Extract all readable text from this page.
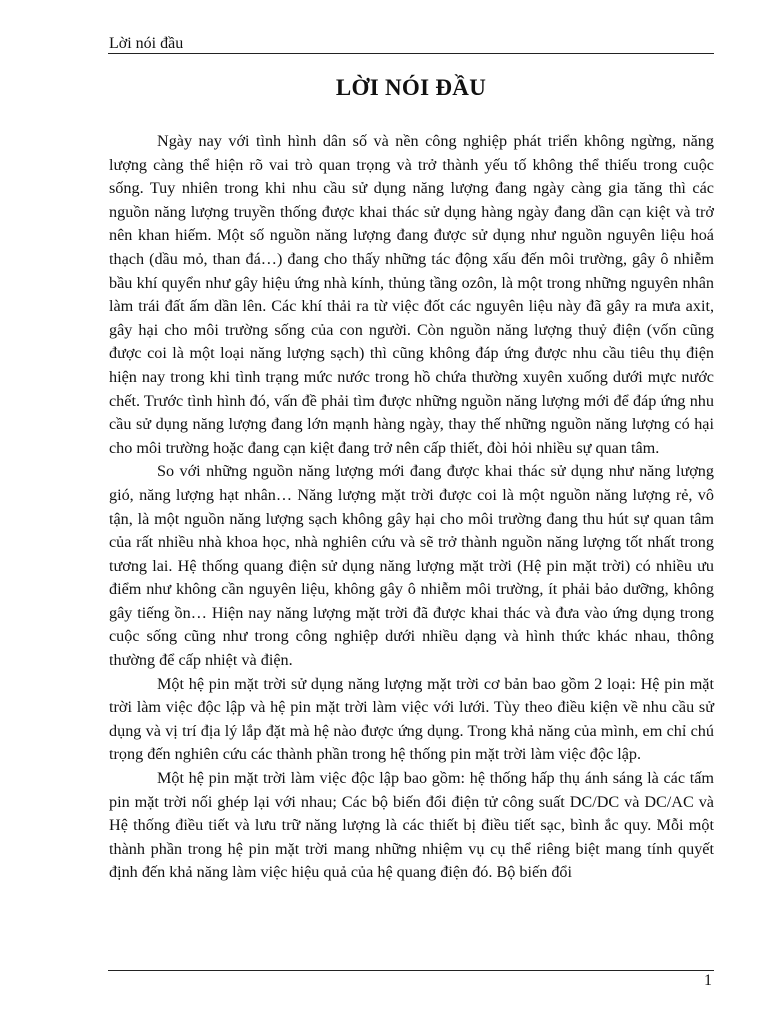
Lời nói đầu
LỜI NÓI ĐẦU

Ngày nay với tình hình dân số và nền công nghiệp phát triển không ngừng, năng lượng càng thể hiện rõ vai trò quan trọng và trở thành yếu tố không thể thiếu trong cuộc sống. Tuy nhiên trong khi nhu cầu sử dụng năng lượng đang ngày càng gia tăng thì các nguồn năng lượng truyền thống được khai thác sử dụng hàng ngày đang dần cạn kiệt và trở nên khan hiếm. Một số nguồn năng lượng đang được sử dụng như nguồn nguyên liệu hoá thạch (dầu mỏ, than đá…) đang cho thấy những tác động xấu đến môi trường, gây ô nhiễm bầu khí quyển như gây hiệu ứng nhà kính, thủng tầng ozôn, là một trong những nguyên nhân làm trái đất ấm dần lên. Các khí thải ra từ việc đốt các nguyên liệu này đã gây ra mưa axit, gây hại cho môi trường sống của con người. Còn nguồn năng lượng thuỷ điện (vốn cũng được coi là một loại năng lượng sạch) thì cũng không đáp ứng được nhu cầu tiêu thụ điện hiện nay trong khi tình trạng mức nước trong hồ chứa thường xuyên xuống dưới mực nước chết. Trước tình hình đó, vấn đề phải tìm được những nguồn năng lượng mới để đáp ứng nhu cầu sử dụng năng lượng đang lớn mạnh hàng ngày, thay thế những nguồn năng lượng có hại cho môi trường hoặc đang cạn kiệt đang trở nên cấp thiết, đòi hỏi nhiều sự quan tâm.

So với những nguồn năng lượng mới đang được khai thác sử dụng như năng lượng gió, năng lượng hạt nhân… Năng lượng mặt trời được coi là một nguồn năng lượng rẻ, vô tận, là một nguồn năng lượng sạch không gây hại cho môi trường đang thu hút sự quan tâm của rất nhiều nhà khoa học, nhà nghiên cứu và sẽ trở thành nguồn năng lượng tốt nhất trong tương lai. Hệ thống quang điện sử dụng năng lượng mặt trời (Hệ pin mặt trời) có nhiều ưu điểm như không cần nguyên liệu, không gây ô nhiễm môi trường, ít phải bảo dưỡng, không gây tiếng ồn… Hiện nay năng lượng mặt trời đã được khai thác và đưa vào ứng dụng trong cuộc sống cũng như trong công nghiệp dưới nhiều dạng và hình thức khác nhau, thông thường để cấp nhiệt và điện.

Một hệ pin mặt trời sử dụng năng lượng mặt trời cơ bản bao gồm 2 loại: Hệ pin mặt trời làm việc độc lập và hệ pin mặt trời làm việc với lưới. Tùy theo điều kiện về nhu cầu sử dụng và vị trí địa lý lắp đặt mà hệ nào được ứng dụng. Trong khả năng của mình, em chỉ chú trọng đến nghiên cứu các thành phần trong hệ thống pin mặt trời làm việc độc lập.

Một hệ pin mặt trời làm việc độc lập bao gồm: hệ thống hấp thụ ánh sáng là các tấm pin mặt trời nối ghép lại với nhau; Các bộ biến đổi điện tử công suất DC/DC và DC/AC và Hệ thống điều tiết và lưu trữ năng lượng là các thiết bị điều tiết sạc, bình ắc quy. Mỗi một thành phần trong hệ pin mặt trời mang những nhiệm vụ cụ thể riêng biệt mang tính quyết định đến khả năng làm việc hiệu quả của hệ quang điện đó. Bộ biến đổi

1
